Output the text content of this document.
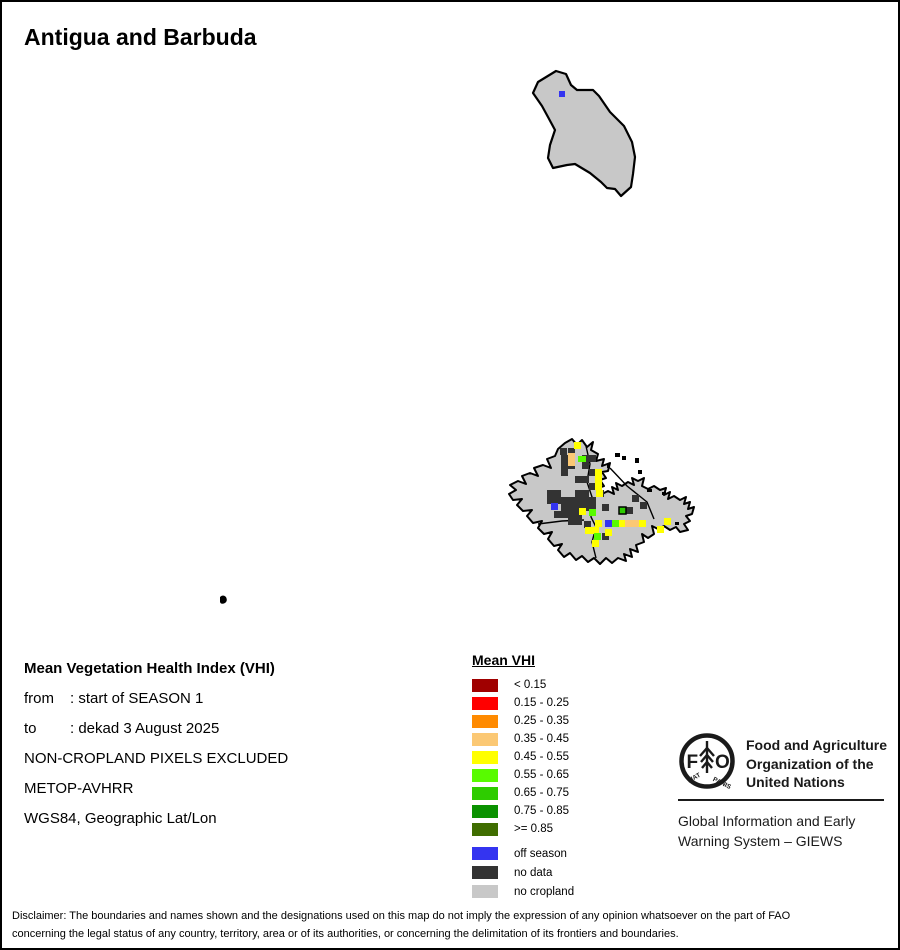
Antigua and Barbuda
Mean Vegetation Health Index (VHI)
from : start of SEASON 1
to : dekad 3 August 2025
NON-CROPLAND PIXELS EXCLUDED
METOP-AVHRR
WGS84, Geographic Lat/Lon
Mean VHI
< 0.15
0.15 - 0.25
0.25 - 0.35
0.35 - 0.45
0.45 - 0.55
0.55 - 0.65
0.65 - 0.75
0.75 - 0.85
>= 0.85
off season
no data
no cropland
F O
FIAT PANIS
Food and Agriculture
Organization of the
United Nations
Global Information and Early
Warning System – GIEWS
Disclaimer: The boundaries and names shown and the designations used on this map do not imply the expression of any opinion whatsoever on the part of FAO
concerning the legal status of any country, territory, area or of its authorities, or concerning the delimitation of its frontiers and boundaries.
